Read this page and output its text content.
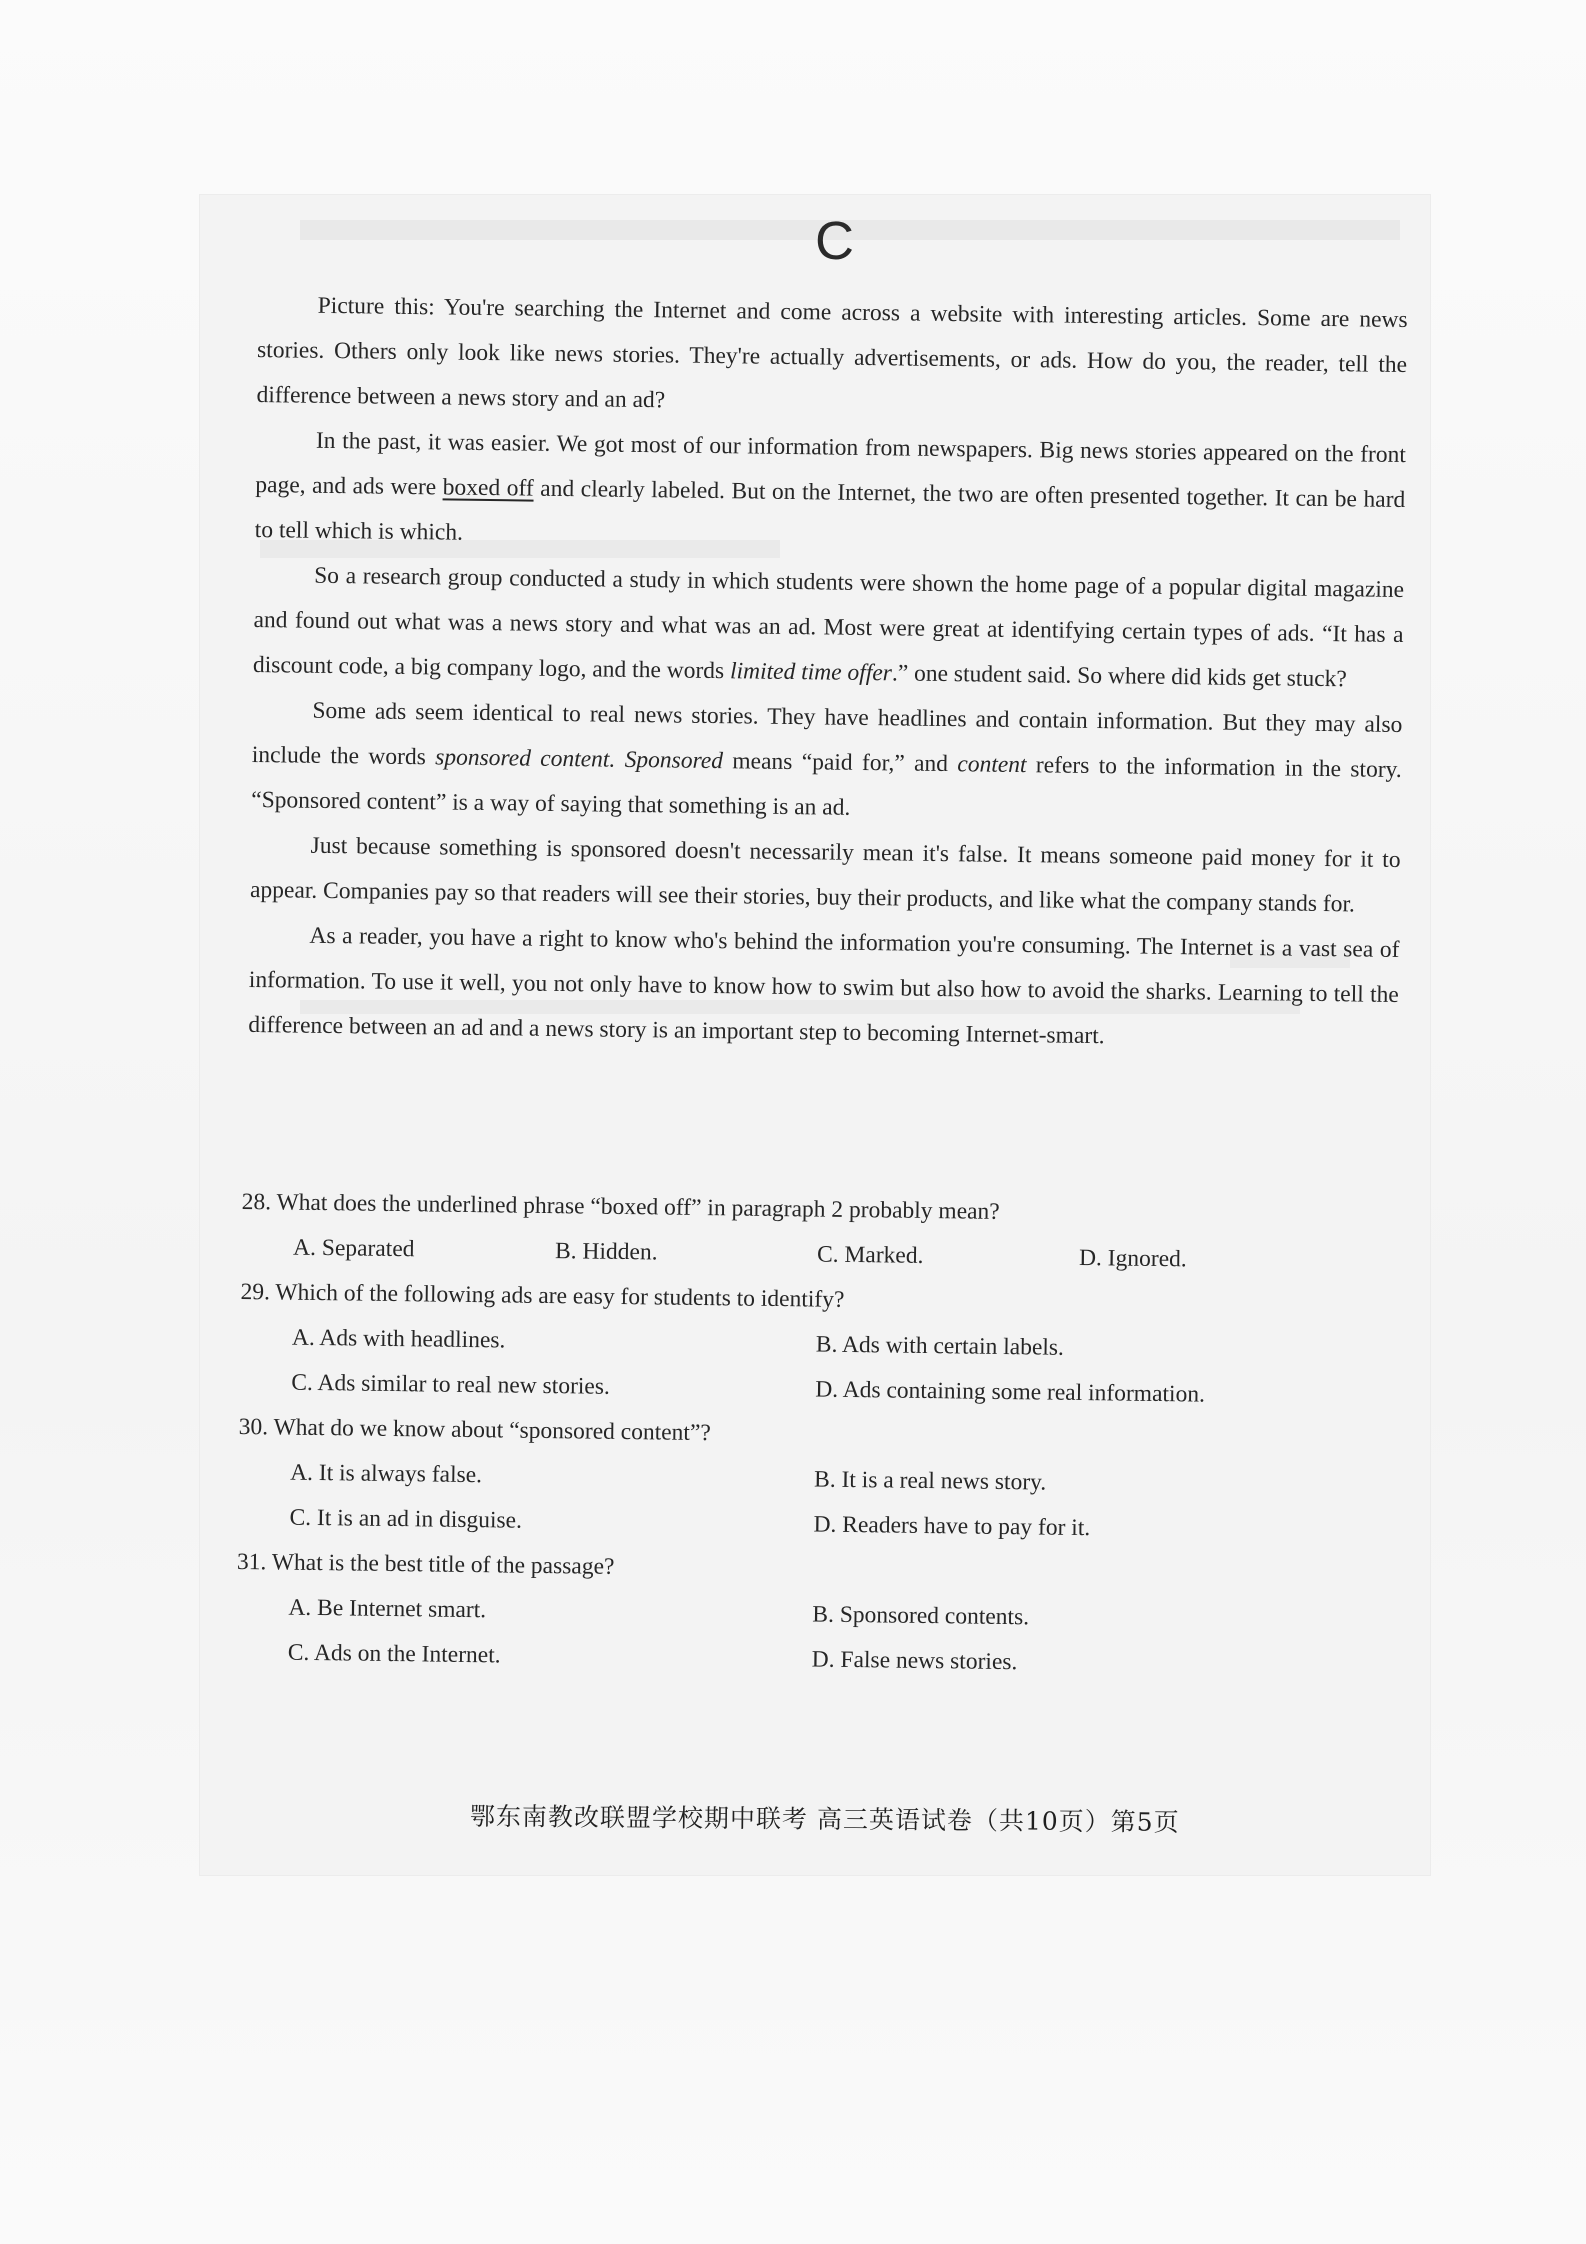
C

Picture this: You're searching the Internet and come across a website with interesting articles. Some are news stories. Others only look like news stories. They're actually advertisements, or ads. How do you, the reader, tell the difference between a news story and an ad?

In the past, it was easier. We got most of our information from newspapers. Big news stories appeared on the front page, and ads were boxed off and clearly labeled. But on the Internet, the two are often presented together. It can be hard to tell which is which.

So a research group conducted a study in which students were shown the home page of a popular digital magazine and found out what was a news story and what was an ad. Most were great at identifying certain types of ads. “It has a discount code, a big company logo, and the words limited time offer.” one student said. So where did kids get stuck?

Some ads seem identical to real news stories. They have headlines and contain information. But they may also include the words sponsored content. Sponsored means “paid for,” and content refers to the information in the story. “Sponsored content” is a way of saying that something is an ad.

Just because something is sponsored doesn't necessarily mean it's false. It means someone paid money for it to appear. Companies pay so that readers will see their stories, buy their products, and like what the company stands for.

As a reader, you have a right to know who's behind the information you're consuming. The Internet is a vast sea of information. To use it well, you not only have to know how to swim but also how to avoid the sharks. Learning to tell the difference between an ad and a news story is an important step to becoming Internet-smart.

28. What does the underlined phrase “boxed off” in paragraph 2 probably mean?
A. Separated	B. Hidden.	C. Marked.	D. Ignored.
29. Which of the following ads are easy for students to identify?
A. Ads with headlines.	B. Ads with certain labels.
C. Ads similar to real new stories.	D. Ads containing some real information.
30. What do we know about “sponsored content”?
A. It is always false.	B. It is a real news story.
C. It is an ad in disguise.	D. Readers have to pay for it.
31. What is the best title of the passage?
A. Be Internet smart.	B. Sponsored contents.
C. Ads on the Internet.	D. False news stories.
鄂东南教改联盟学校期中联考 高三英语试卷（共10页）第5页
